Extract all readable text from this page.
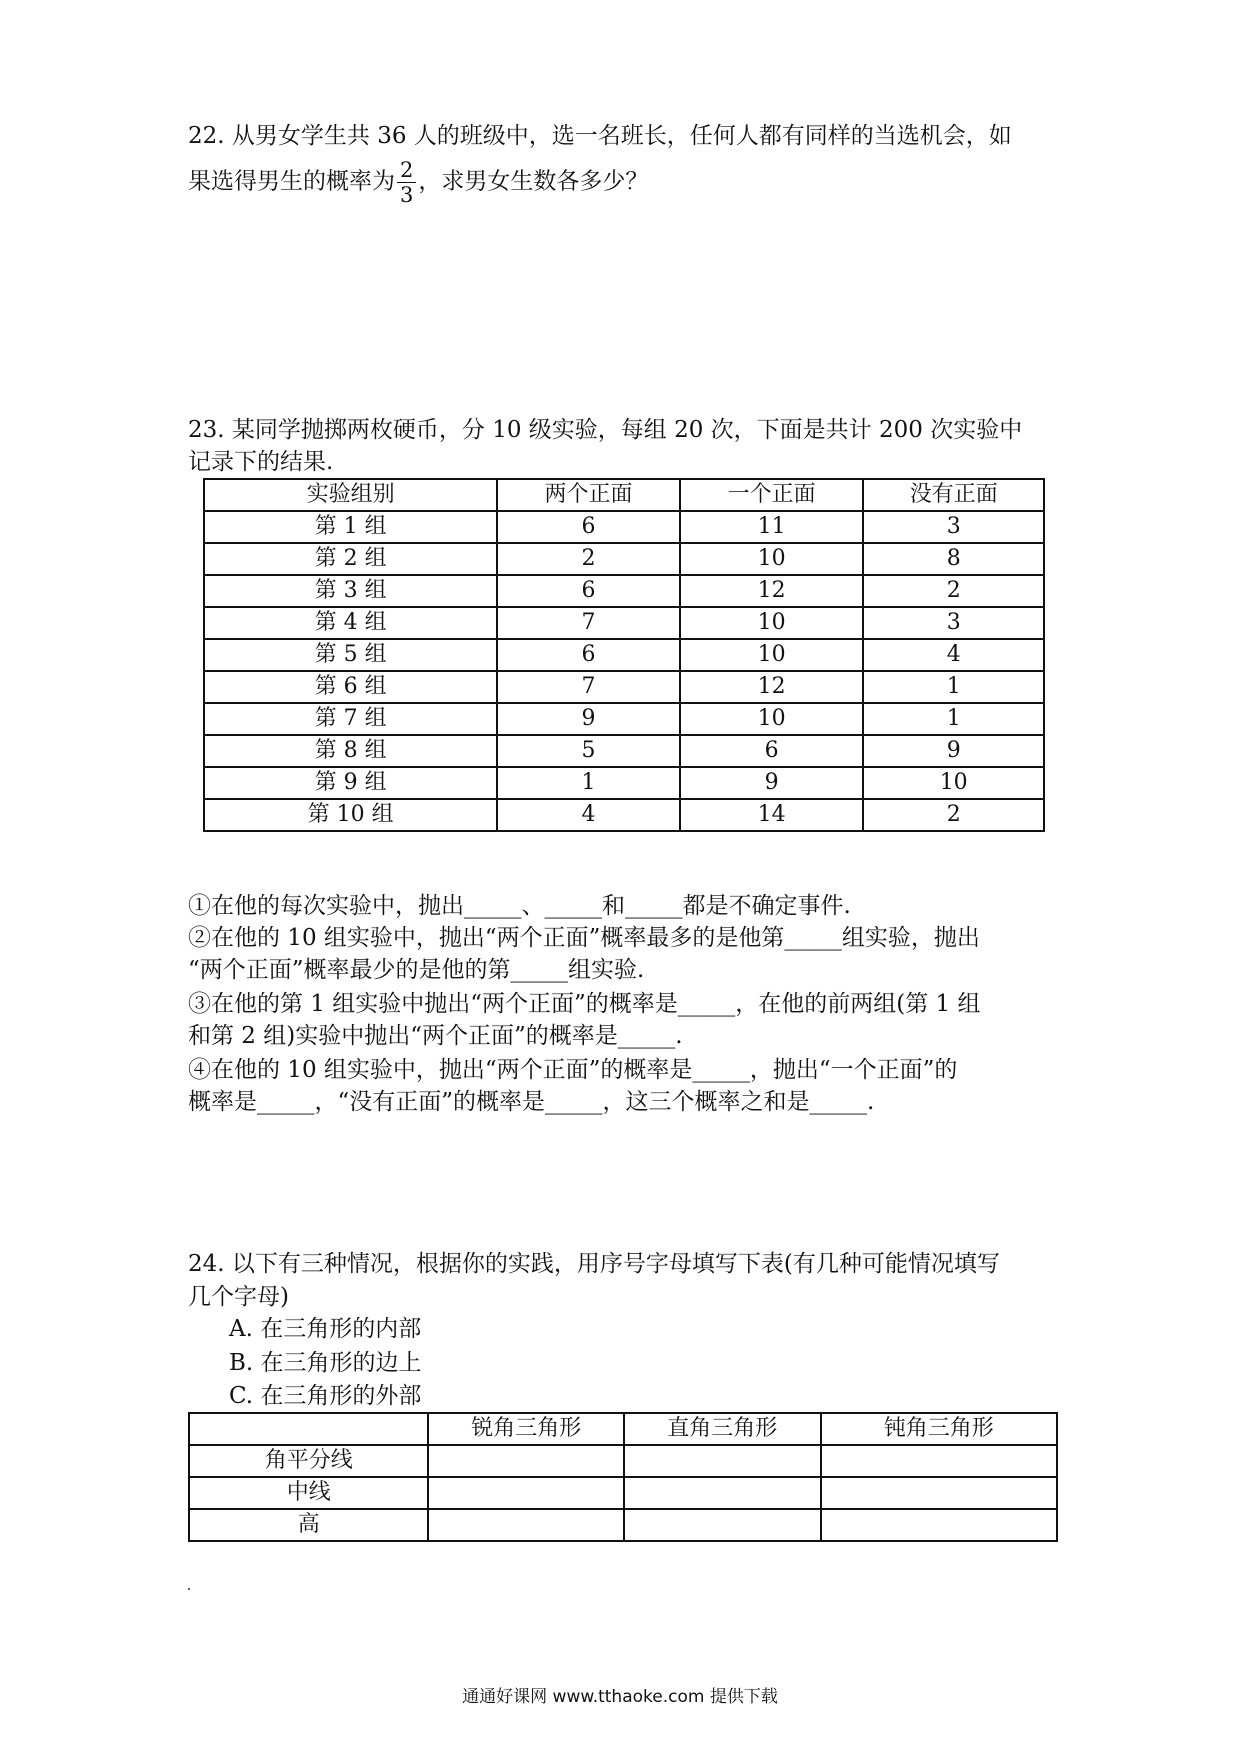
22. 从男女学生共 36 人的班级中，选一名班长，任何人都有同样的当选机会，如
果选得男生的概率为 $\frac{2}{3}$ ，求男女生数各多少？
23. 某同学抛掷两枚硬币，分 10 级实验，每组 20 次，下面是共计 200 次实验中
记录下的结果.
实验组别	两个正面	一个正面	没有正面
第 1 组	6	11	3
第 2 组	2	10	8
第 3 组	6	12	2
第 4 组	7	10	3
第 5 组	6	10	4
第 6 组	7	12	1
第 7 组	9	10	1
第 8 组	5	6	9
第 9 组	1	9	10
第 10 组	4	14	2
①在他的每次实验中，抛出_____、_____和_____都是不确定事件.
②在他的 10 组实验中，抛出“两个正面”概率最多的是他第_____组实验，抛出
“两个正面”概率最少的是他的第_____组实验.
③在他的第 1 组实验中抛出“两个正面”的概率是_____，在他的前两组(第 1 组
和第 2 组)实验中抛出“两个正面”的概率是_____.
④在他的 10 组实验中，抛出“两个正面”的概率是_____，抛出“一个正面”的
概率是_____，“没有正面”的概率是_____，这三个概率之和是_____.
24. 以下有三种情况，根据你的实践，用序号字母填写下表(有几种可能情况填写
几个字母)
A. 在三角形的内部
B. 在三角形的边上
C. 在三角形的外部
	锐角三角形	直角三角形	钝角三角形
角平分线			
中线			
高			
通通好课网 www.tthaoke.com 提供下载
